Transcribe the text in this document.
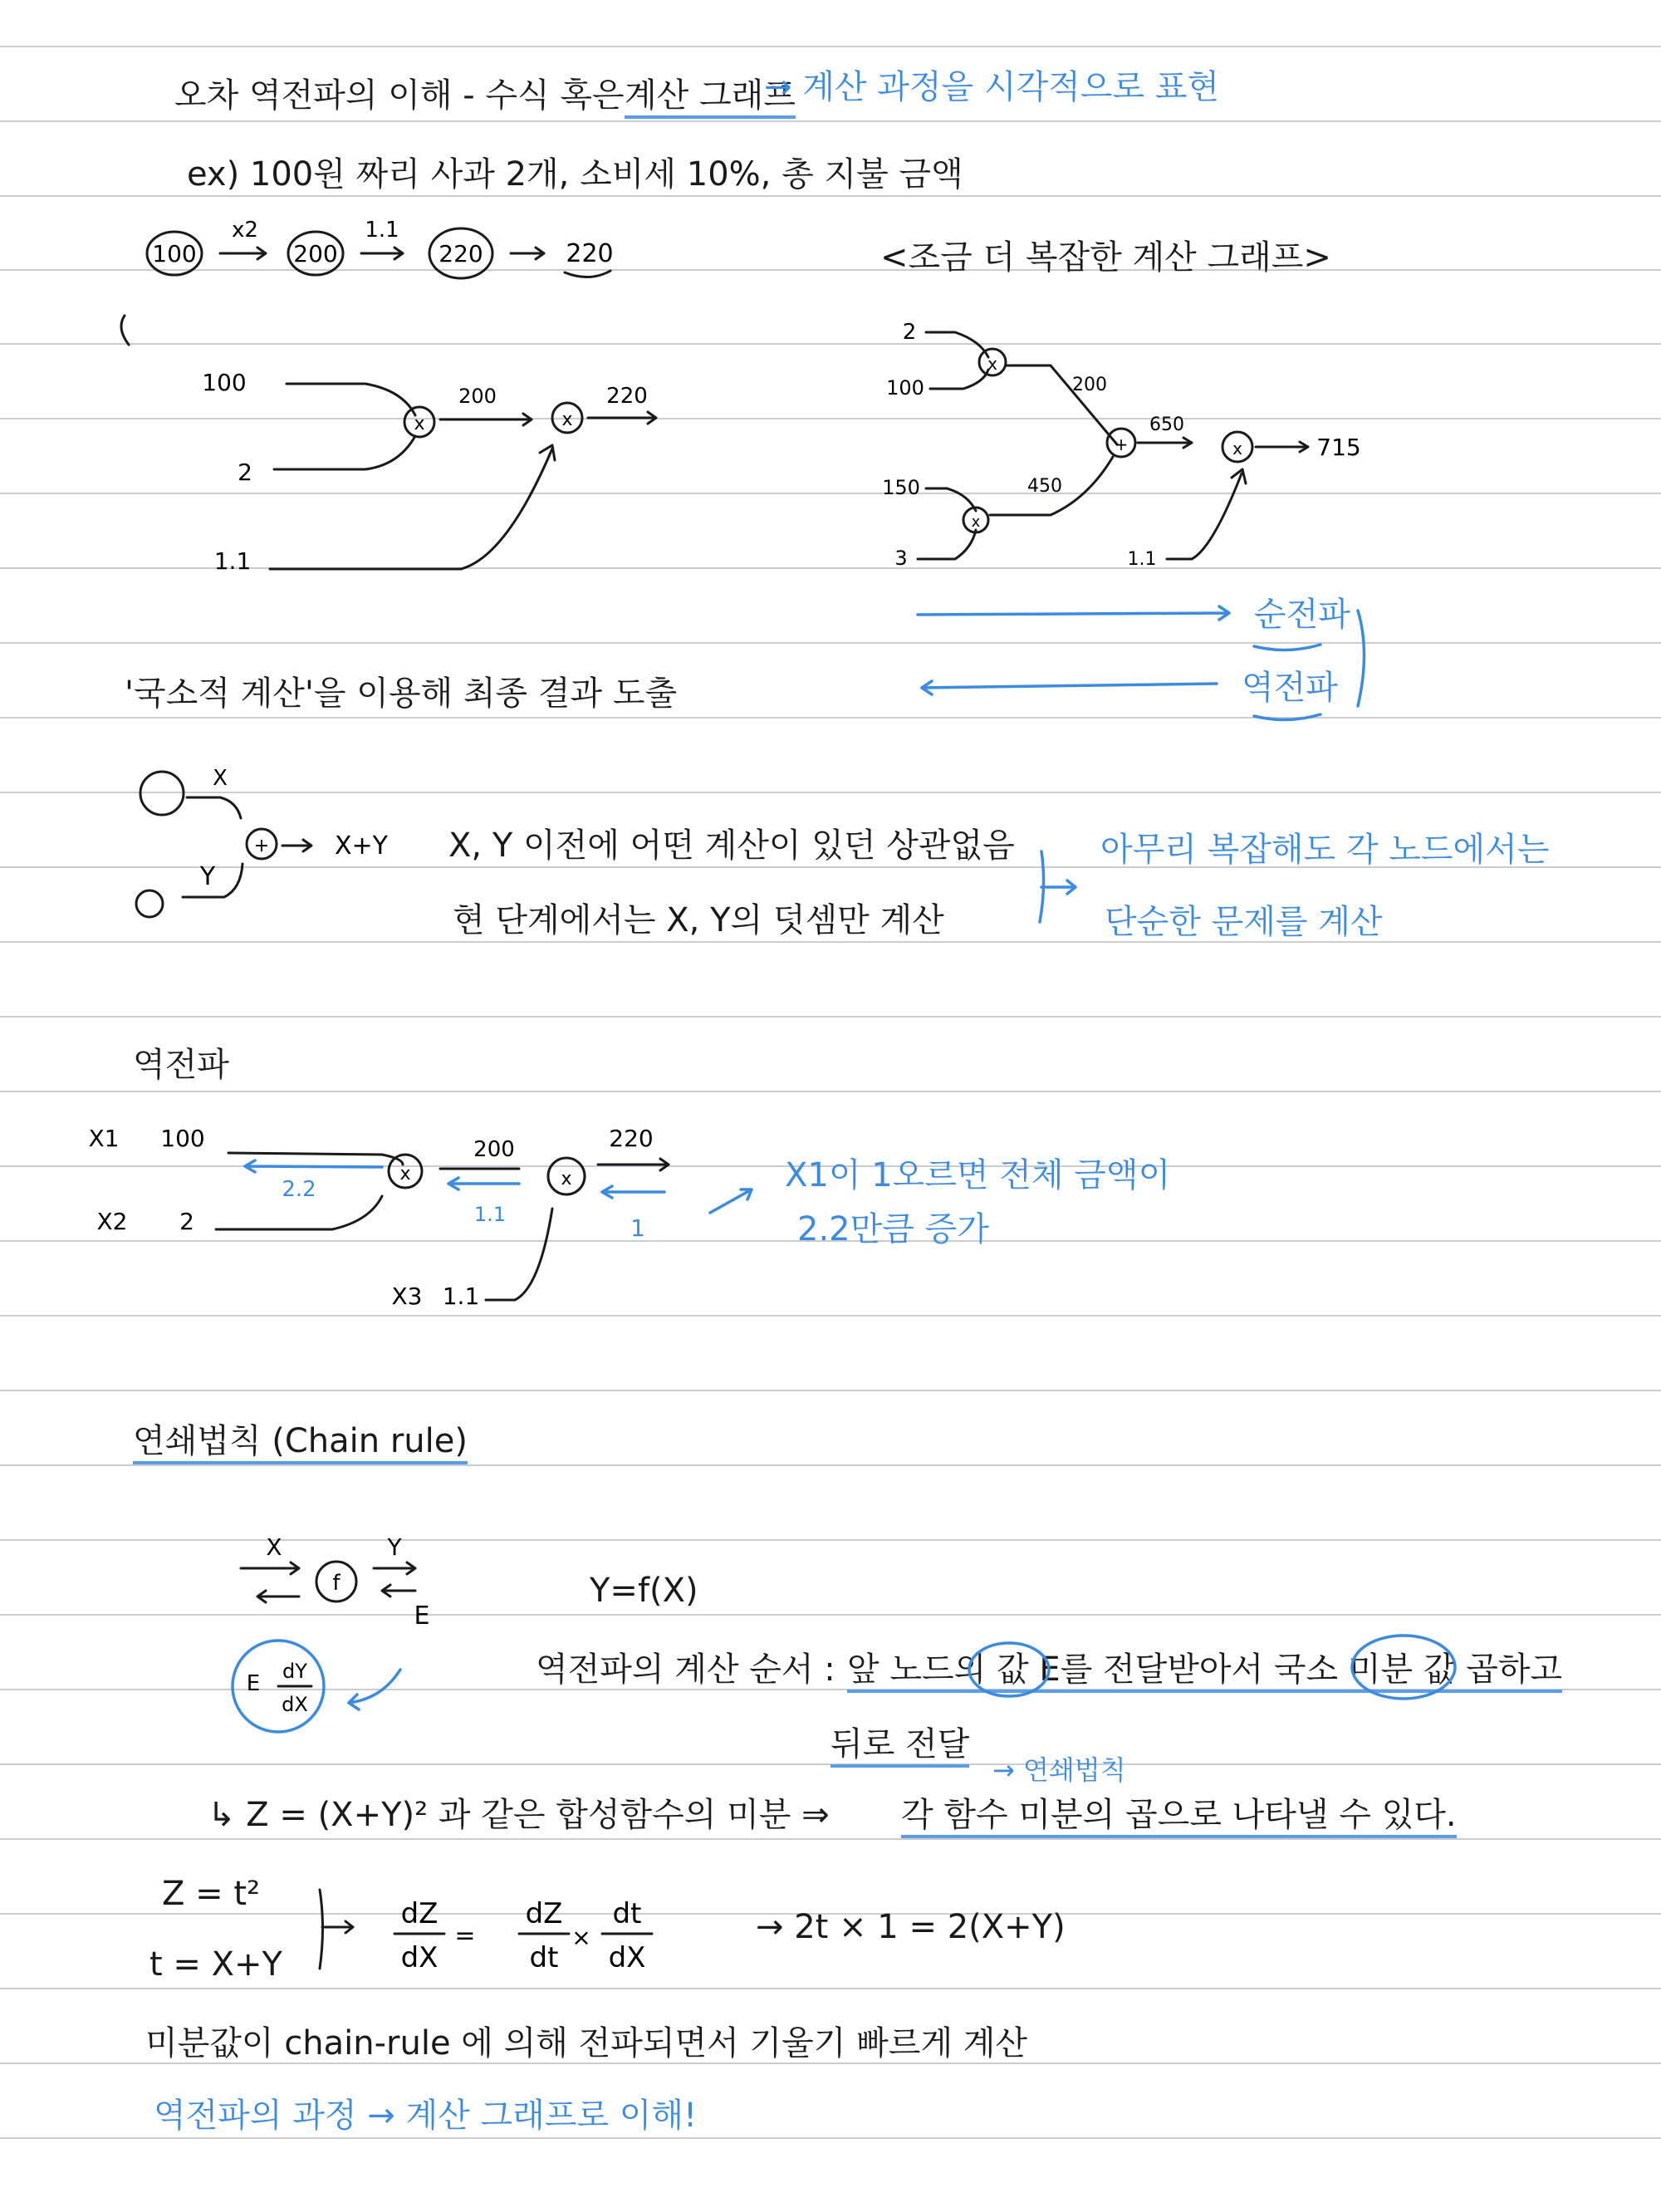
오차 역전파의 이해 - 수식 혹은 계산 그래프
→ 계산 과정을 시각적으로 표현
ex) 100원 짜리 사과 2개, 소비세 10%, 총 지불 금액
100
x2
200
1.1
220	220
100
2
1.1
x
200
x
220
<조금 더 복잡한 계산 그래프>
2
100
x
200
+
650
x	715
150
3
x
450
1.1
순전파
역전파
'국소적 계산'을 이용해 최종 결과 도출
X
+	X+Y
Y
X, Y 이전에 어떤 계산이 있던 상관없음
현 단계에서는 X, Y의 덧셈만 계산
아무리 복잡해도 각 노드에서는
단순한 문제를 계산
역전파
X1 100
X2 2
2.2
x
200
1.1
x
220
1
X3 1.1
X1이 1오르면 전체 금액이
2.2만큼 증가
연쇄법칙 (Chain rule)
X
f
Y
E
E dY
dX
Y=f(X)
역전파의 계산 순서 : 앞 노드의 값 E를 전달받아서 국소 미분 값 곱하고
뒤로 전달
↳ Z = (X+Y)² 과 같은 합성함수의 미분 ⇒ 각 함수 미분의 곱으로 나타낼 수 있다.
→ 연쇄법칙
Z = t²
t = X+Y
dZ
dX
=
dZ
dt
×
dt
dX
→ 2t × 1 = 2(X+Y)
미분값이 chain-rule 에 의해 전파되면서 기울기 빠르게 계산
역전파의 과정 → 계산 그래프로 이해!
